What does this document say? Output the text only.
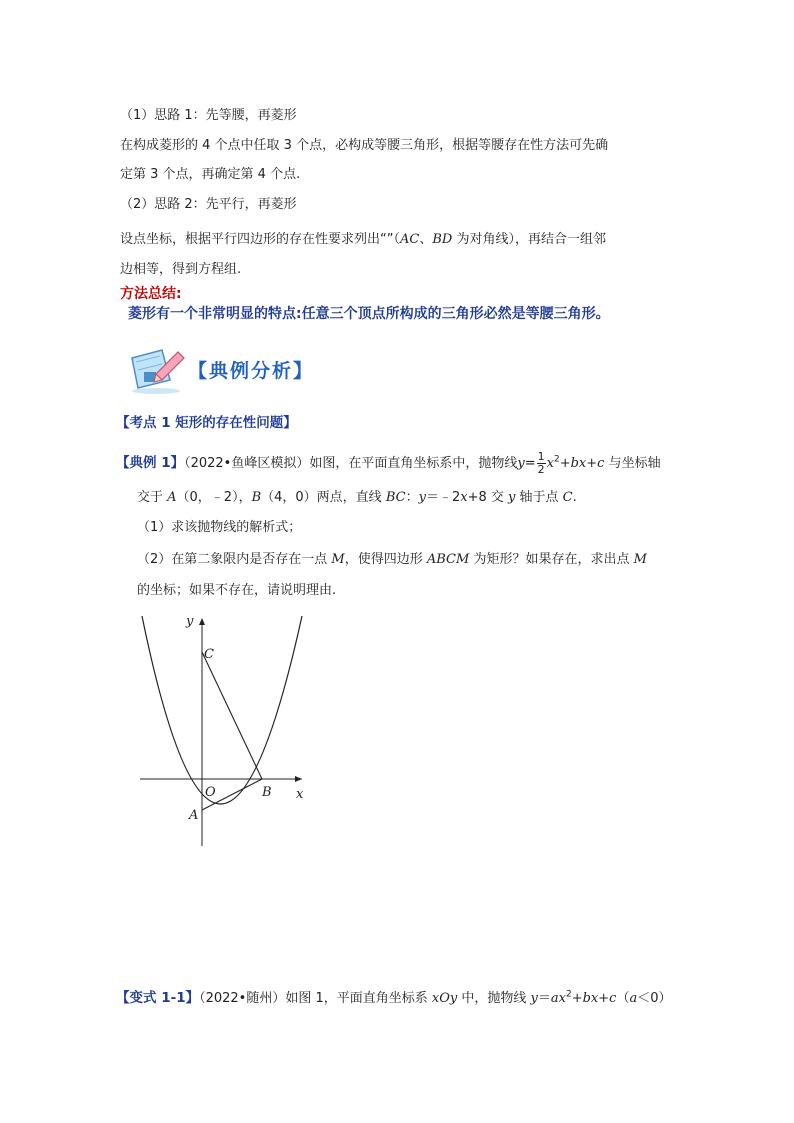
（1）思路 1：先等腰，再菱形
在构成菱形的 4 个点中任取 3 个点，必构成等腰三角形，根据等腰存在性方法可先确
定第 3 个点，再确定第 4 个点.
（2）思路 2：先平行，再菱形
设点坐标，根据平行四边形的存在性要求列出“”（AC、BD 为对角线），再结合一组邻
边相等，得到方程组.
方法总结:
菱形有一个非常明显的特点:任意三个顶点所构成的三角形必然是等腰三角形。
【典例分析】
【考点 1 矩形的存在性问题】
【典例 1】（2022•鱼峰区模拟）如图，在平面直角坐标系中，抛物线$y= \frac{1}{2} x^2+bx+c$ 与坐标轴
交于 A（0，﹣2），B（4，0）两点，直线 BC：y＝﹣2x+8 交 y 轴于点 C.
（1）求该抛物线的解析式；
（2）在第二象限内是否存在一点 M，使得四边形 ABCM 为矩形？如果存在，求出点 M
的坐标；如果不存在，请说明理由.
y
x
C
O	B
A
【变式 1-1】（2022•随州）如图 1，平面直角坐标系 xOy 中，抛物线 $y=ax^2+bx+c(a<0)$
